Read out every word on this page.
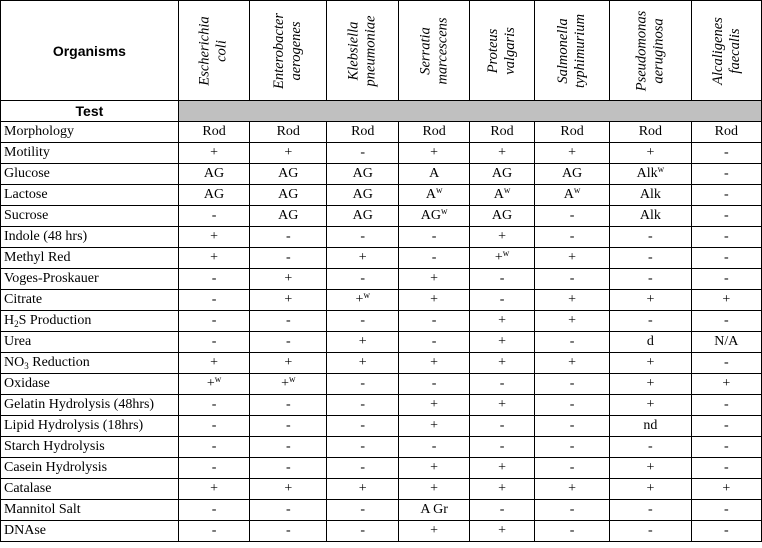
Organisms	Escherichia coli	Enterobacter aerogenes	Klebsiella pneumoniae	Serratia marcescens	Proteus valgaris	Salmonella typhimurium	Pseudomonas aeruginosa	Alcaligenes faecalis

Test								
Morphology	Rod	Rod	Rod	Rod	Rod	Rod	Rod	Rod
Motility	+	+	-	+	+	+	+	-
Glucose	AG	AG	AG	A	AG	AG	Alk$^w$	-
Lactose	AG	AG	AG	$A^w$	$A^w$	$A^w$	Alk	-
Sucrose	-	AG	AG	$AG^w$	AG	-	Alk	-
Indole (48 hrs)	+	-	-	-	+	-	-	-
Methyl Red	+	-	+	-	+$^w$	+	-	-
Voges-Proskauer	-	+	-	+	-	-	-	-
Citrate	-	+	+$^w$	+	-	+	+	+
$H_2S$ Production	-	-	-	-	+	+	-	-
Urea	-	-	+	-	+	-	d	N/A
$NO_3$ Reduction	+	+	+	+	+	+	+	-
Oxidase	+$^w$	+$^w$	-	-	-	-	+	+
Gelatin Hydrolysis (48hrs)	-	-	-	+	+	-	+	-
Lipid Hydrolysis (18hrs)	-	-	-	+	-	-	nd	-
Starch Hydrolysis	-	-	-	-	-	-	-	-
Casein Hydrolysis	-	-	-	+	+	-	+	-
Catalase	+	+	+	+	+	+	+	+
Mannitol Salt	-	-	-	A Gr	-	-	-	-
DNAse	-	-	-	+	+	-	-	-
